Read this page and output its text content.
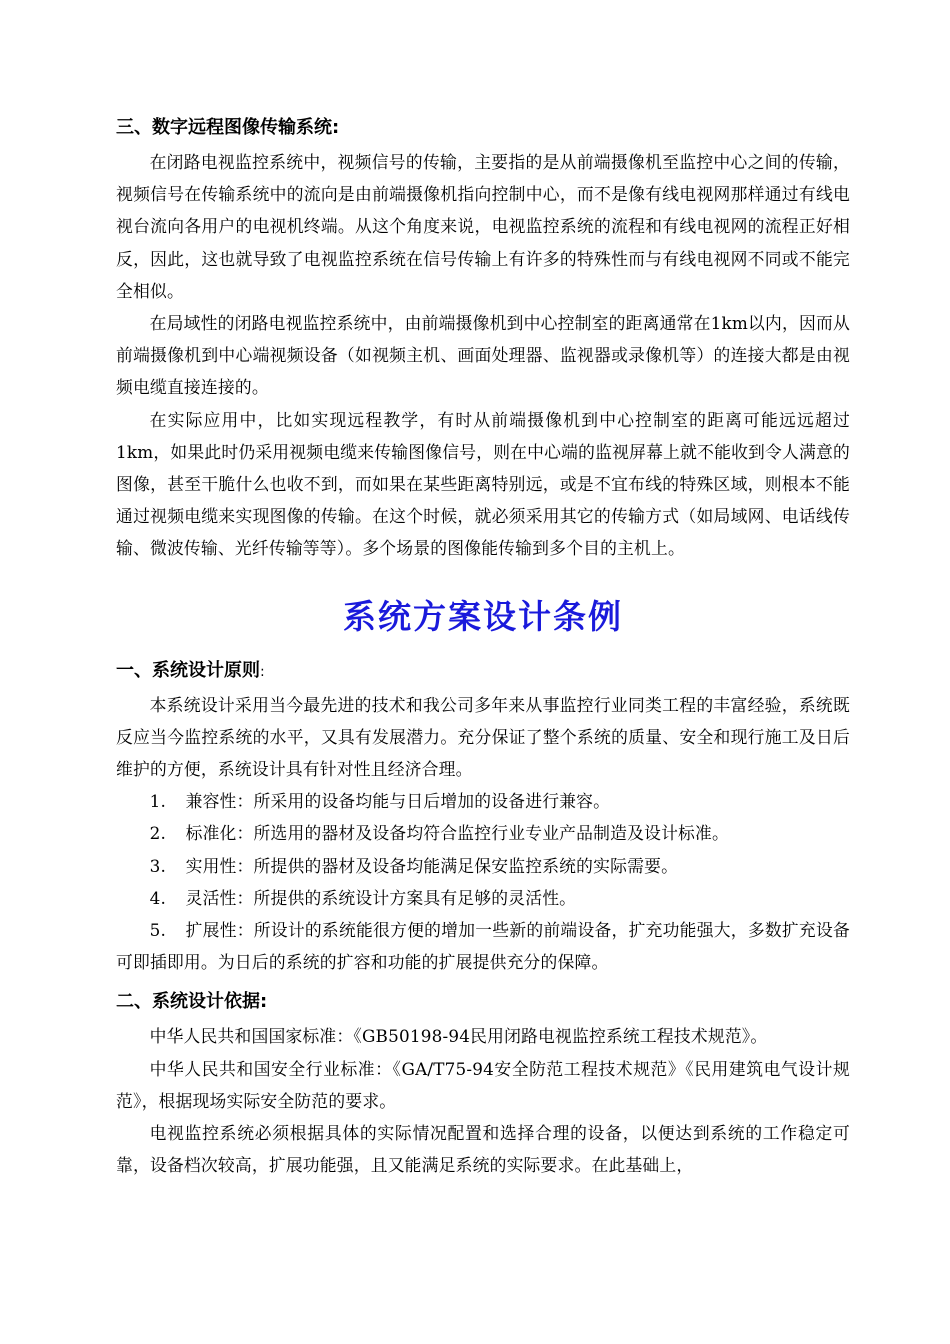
三、数字远程图像传输系统:

在闭路电视监控系统中，视频信号的传输，主要指的是从前端摄像机至监控中心之间的传输，视频信号在传输系统中的流向是由前端摄像机指向控制中心，而不是像有线电视网那样通过有线电视台流向各用户的电视机终端。从这个角度来说，电视监控系统的流程和有线电视网的流程正好相反，因此，这也就导致了电视监控系统在信号传输上有许多的特殊性而与有线电视网不同或不能完全相似。

在局域性的闭路电视监控系统中，由前端摄像机到中心控制室的距离通常在1km以内，因而从前端摄像机到中心端视频设备（如视频主机、画面处理器、监视器或录像机等）的连接大都是由视频电缆直接连接的。

在实际应用中，比如实现远程教学，有时从前端摄像机到中心控制室的距离可能远远超过1km，如果此时仍采用视频电缆来传输图像信号，则在中心端的监视屏幕上就不能收到令人满意的图像，甚至干脆什么也收不到，而如果在某些距离特别远，或是不宜布线的特殊区域，则根本不能通过视频电缆来实现图像的传输。在这个时候，就必须采用其它的传输方式（如局域网、电话线传输、微波传输、光纤传输等等）。多个场景的图像能传输到多个目的主机上。

系统方案设计条例
一、系统设计原则:

本系统设计采用当今最先进的技术和我公司多年来从事监控行业同类工程的丰富经验，系统既反应当今监控系统的水平，又具有发展潜力。充分保证了整个系统的质量、安全和现行施工及日后维护的方便，系统设计具有针对性且经济合理。

1. 兼容性：所采用的设备均能与日后增加的设备进行兼容。

2. 标准化：所选用的器材及设备均符合监控行业专业产品制造及设计标准。

3. 实用性：所提供的器材及设备均能满足保安监控系统的实际需要。

4. 灵活性：所提供的系统设计方案具有足够的灵活性。

5. 扩展性：所设计的系统能很方便的增加一些新的前端设备，扩充功能强大，多数扩充设备可即插即用。为日后的系统的扩容和功能的扩展提供充分的保障。

二、系统设计依据:

中华人民共和国国家标准：《GB50198-94民用闭路电视监控系统工程技术规范》。

中华人民共和国安全行业标准：《GA/T75-94安全防范工程技术规范》《民用建筑电气设计规范》，根据现场实际安全防范的要求。

电视监控系统必须根据具体的实际情况配置和选择合理的设备，以便达到系统的工作稳定可靠，设备档次较高，扩展功能强，且又能满足系统的实际要求。在此基础上，
